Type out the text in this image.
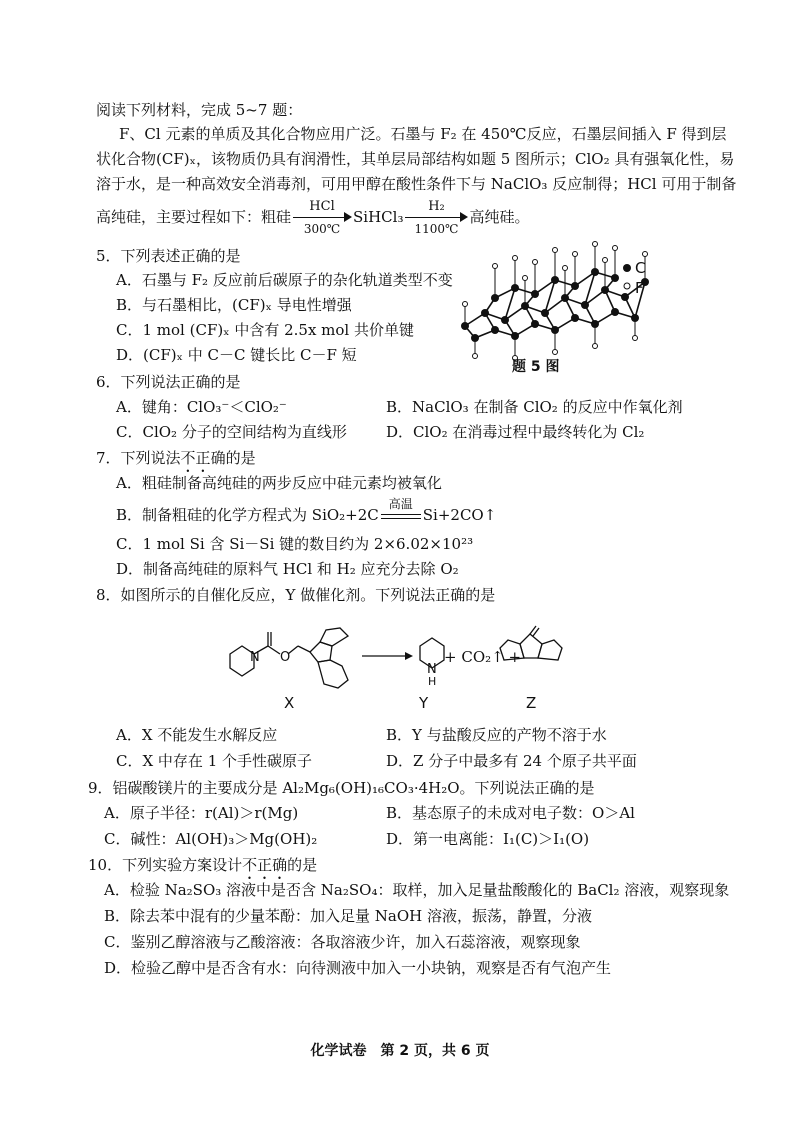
阅读下列材料，完成 5~7 题：
F、Cl 元素的单质及其化合物应用广泛。石墨与 F₂ 在 450℃反应，石墨层间插入 F 得到层
状化合物(CF)ₓ，该物质仍具有润滑性，其单层局部结构如题 5 图所示；ClO₂ 具有强氧化性，易
溶于水，是一种高效安全消毒剂，可用甲醇在酸性条件下与 NaClO₃ 反应制得；HCl 可用于制备
高纯硅，主要过程如下：粗硅
HCl
300℃
SiHCl₃ $\frac{\text{H₂}}{1100℃}$ 高纯硅。
5．下列表述正确的是
A．石墨与 F₂ 反应前后碳原子的杂化轨道类型不变
B．与石墨相比，(CF)ₓ 导电性增强
C．1 mol (CF)ₓ 中含有 2.5x mol 共价单键
D．(CF)ₓ 中 C－C 键长比 C－F 短
C
F
题 5 图
6．下列说法正确的是
A．键角：ClO₃⁻＜ClO₂⁻	B．NaClO₃ 在制备 ClO₂ 的反应中作氧化剂
C．ClO₂ 分子的空间结构为直线形	D．ClO₂ 在消毒过程中最终转化为 Cl₂
7．下列说法不正确的是
A．粗硅制备高纯硅的两步反应中硅元素均被氧化
B．制备粗硅的化学方程式为 SiO₂+2C
高温
Si+2CO↑
C．1 mol Si 含 Si－Si 键的数目约为 2×6.02×10²³
D．制备高纯硅的原料气 HCl 和 H₂ 应充分去除 O₂
8．如图所示的自催化反应，Y 做催化剂。下列说法正确的是
N O
N
H
+ CO₂↑ +
X	Y	Z
A．X 不能发生水解反应	B．Y 与盐酸反应的产物不溶于水
C．X 中存在 1 个手性碳原子	D．Z 分子中最多有 24 个原子共平面
9．铝碳酸镁片的主要成分是 Al₂Mg₆(OH)₁₆CO₃·4H₂O。下列说法正确的是
A．原子半径：r(Al)＞r(Mg)	B．基态原子的未成对电子数：O＞Al
C．碱性：Al(OH)₃＞Mg(OH)₂	D．第一电离能：I₁(C)＞I₁(O)
10．下列实验方案设计不正确的是
A．检验 Na₂SO₃ 溶液中是否含 Na₂SO₄：取样，加入足量盐酸酸化的 BaCl₂ 溶液，观察现象
B．除去苯中混有的少量苯酚：加入足量 NaOH 溶液，振荡，静置，分液
C．鉴别乙醇溶液与乙酸溶液：各取溶液少许，加入石蕊溶液，观察现象
D．检验乙醇中是否含有水：向待测液中加入一小块钠，观察是否有气泡产生
化学试卷　第 2 页，共 6 页
